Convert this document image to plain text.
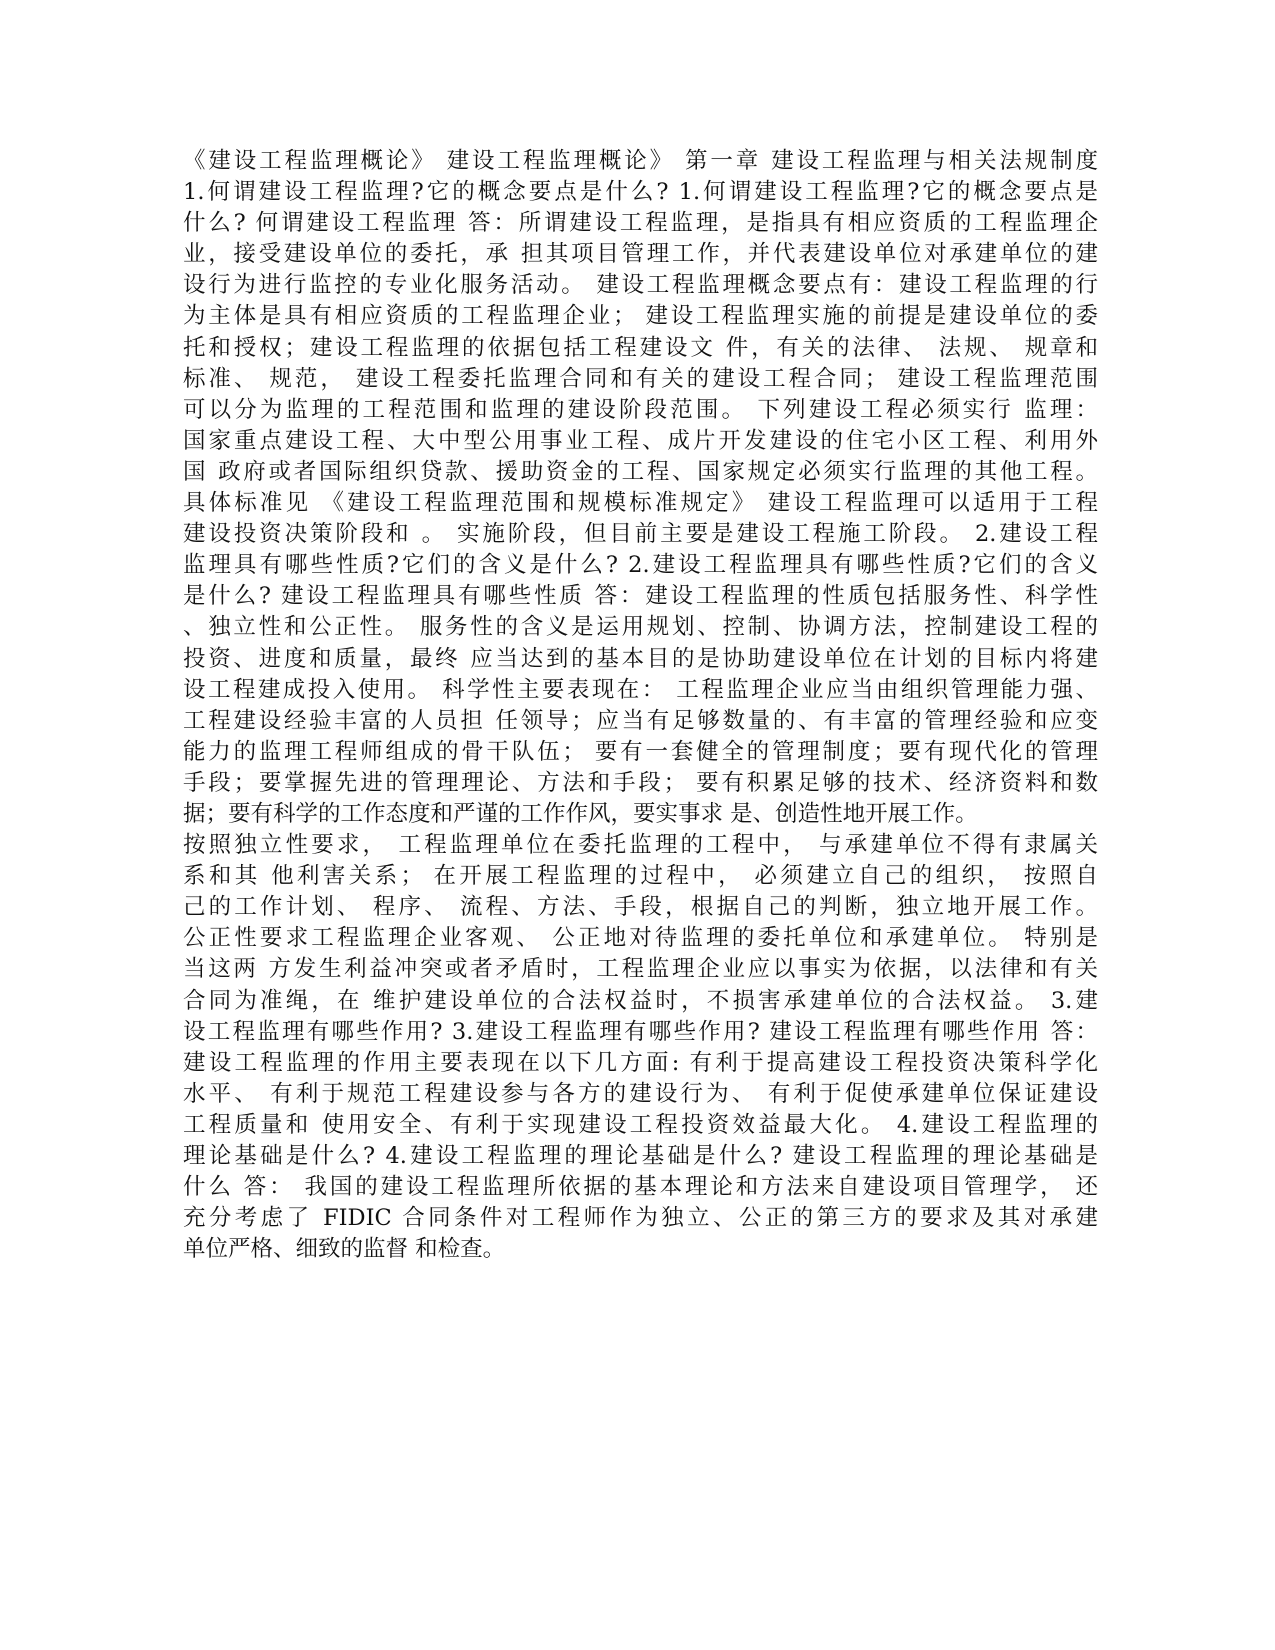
《建设工程监理概论》 建设工程监理概论》 第一章 建设工程监理与相关法规制度
1.何谓建设工程监理?它的概念要点是什么? 1.何谓建设工程监理?它的概念要点是
什么? 何谓建设工程监理 答：所谓建设工程监理，是指具有相应资质的工程监理企
业，接受建设单位的委托，承 担其项目管理工作，并代表建设单位对承建单位的建
设行为进行监控的专业化服务活动。 建设工程监理概念要点有：建设工程监理的行
为主体是具有相应资质的工程监理企业； 建设工程监理实施的前提是建设单位的委
托和授权；建设工程监理的依据包括工程建设文 件，有关的法律、 法规、 规章和
标准、 规范， 建设工程委托监理合同和有关的建设工程合同； 建设工程监理范围
可以分为监理的工程范围和监理的建设阶段范围。 下列建设工程必须实行 监理：
国家重点建设工程、大中型公用事业工程、成片开发建设的住宅小区工程、利用外
国 政府或者国际组织贷款、援助资金的工程、国家规定必须实行监理的其他工程。
具体标准见 《建设工程监理范围和规模标准规定》 建设工程监理可以适用于工程
建设投资决策阶段和 。 实施阶段，但目前主要是建设工程施工阶段。 2.建设工程
监理具有哪些性质?它们的含义是什么? 2.建设工程监理具有哪些性质?它们的含义
是什么? 建设工程监理具有哪些性质 答：建设工程监理的性质包括服务性、科学性
、独立性和公正性。 服务性的含义是运用规划、控制、协调方法，控制建设工程的
投资、进度和质量，最终 应当达到的基本目的是协助建设单位在计划的目标内将建
设工程建成投入使用。 科学性主要表现在： 工程监理企业应当由组织管理能力强、
工程建设经验丰富的人员担 任领导；应当有足够数量的、有丰富的管理经验和应变
能力的监理工程师组成的骨干队伍； 要有一套健全的管理制度；要有现代化的管理
手段；要掌握先进的管理理论、方法和手段； 要有积累足够的技术、经济资料和数
据；要有科学的工作态度和严谨的工作作风，要实事求 是、创造性地开展工作。
按照独立性要求， 工程监理单位在委托监理的工程中， 与承建单位不得有隶属关
系和其 他利害关系； 在开展工程监理的过程中， 必须建立自己的组织， 按照自
己的工作计划、 程序、 流程、方法、手段，根据自己的判断，独立地开展工作。
公正性要求工程监理企业客观、 公正地对待监理的委托单位和承建单位。 特别是
当这两 方发生利益冲突或者矛盾时，工程监理企业应以事实为依据，以法律和有关
合同为准绳，在 维护建设单位的合法权益时，不损害承建单位的合法权益。 3.建
设工程监理有哪些作用? 3.建设工程监理有哪些作用? 建设工程监理有哪些作用 答：
建设工程监理的作用主要表现在以下几方面: 有利于提高建设工程投资决策科学化
水平、 有利于规范工程建设参与各方的建设行为、 有利于促使承建单位保证建设
工程质量和 使用安全、有利于实现建设工程投资效益最大化。 4.建设工程监理的
理论基础是什么? 4.建设工程监理的理论基础是什么? 建设工程监理的理论基础是
什么 答： 我国的建设工程监理所依据的基本理论和方法来自建设项目管理学， 还
充分考虑了 FIDIC 合同条件对工程师作为独立、公正的第三方的要求及其对承建
单位严格、细致的监督 和检查。
